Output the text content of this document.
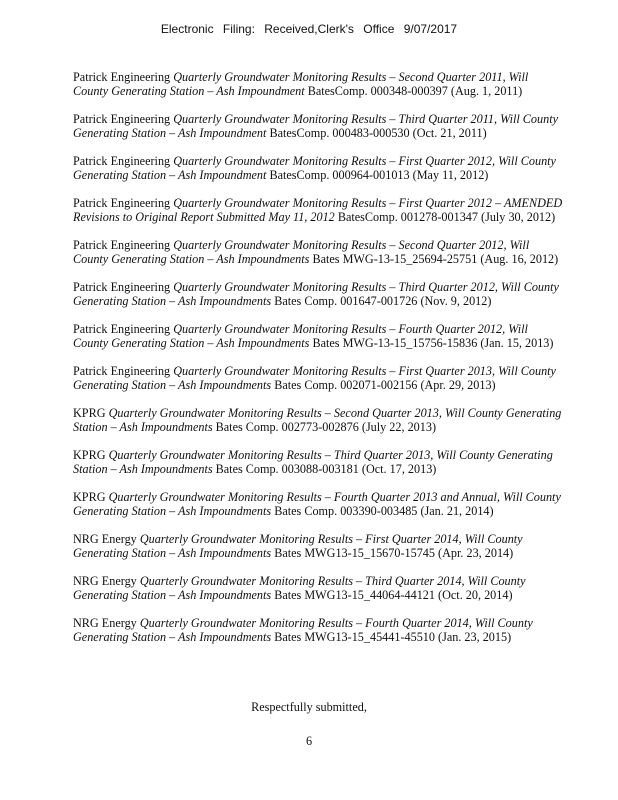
Electronic Filing: Received,Clerk's Office 9/07/2017
Patrick Engineering Quarterly Groundwater Monitoring Results – Second Quarter 2011, Will County Generating Station – Ash Impoundment BatesComp. 000348-000397 (Aug. 1, 2011)
Patrick Engineering Quarterly Groundwater Monitoring Results – Third Quarter 2011, Will County Generating Station – Ash Impoundment BatesComp. 000483-000530 (Oct. 21, 2011)
Patrick Engineering Quarterly Groundwater Monitoring Results – First Quarter 2012, Will County Generating Station – Ash Impoundment BatesComp. 000964-001013 (May 11, 2012)
Patrick Engineering Quarterly Groundwater Monitoring Results – First Quarter 2012 – AMENDED Revisions to Original Report Submitted May 11, 2012 BatesComp. 001278-001347 (July 30, 2012)
Patrick Engineering Quarterly Groundwater Monitoring Results – Second Quarter 2012, Will County Generating Station – Ash Impoundments Bates MWG-13-15_25694-25751 (Aug. 16, 2012)
Patrick Engineering Quarterly Groundwater Monitoring Results – Third Quarter 2012, Will County Generating Station – Ash Impoundments Bates Comp. 001647-001726 (Nov. 9, 2012)
Patrick Engineering Quarterly Groundwater Monitoring Results – Fourth Quarter 2012, Will County Generating Station – Ash Impoundments Bates MWG-13-15_15756-15836 (Jan. 15, 2013)
Patrick Engineering Quarterly Groundwater Monitoring Results – First Quarter 2013, Will County Generating Station – Ash Impoundments Bates Comp. 002071-002156 (Apr. 29, 2013)
KPRG Quarterly Groundwater Monitoring Results – Second Quarter 2013, Will County Generating Station – Ash Impoundments Bates Comp. 002773-002876 (July 22, 2013)
KPRG Quarterly Groundwater Monitoring Results – Third Quarter 2013, Will County Generating Station – Ash Impoundments Bates Comp. 003088-003181 (Oct. 17, 2013)
KPRG Quarterly Groundwater Monitoring Results – Fourth Quarter 2013 and Annual, Will County Generating Station – Ash Impoundments Bates Comp. 003390-003485 (Jan. 21, 2014)
NRG Energy Quarterly Groundwater Monitoring Results – First Quarter 2014, Will County Generating Station – Ash Impoundments Bates MWG13-15_15670-15745 (Apr. 23, 2014)
NRG Energy Quarterly Groundwater Monitoring Results – Third Quarter 2014, Will County Generating Station – Ash Impoundments Bates MWG13-15_44064-44121 (Oct. 20, 2014)
NRG Energy Quarterly Groundwater Monitoring Results – Fourth Quarter 2014, Will County Generating Station – Ash Impoundments Bates MWG13-15_45441-45510 (Jan. 23, 2015)
Respectfully submitted,
6
